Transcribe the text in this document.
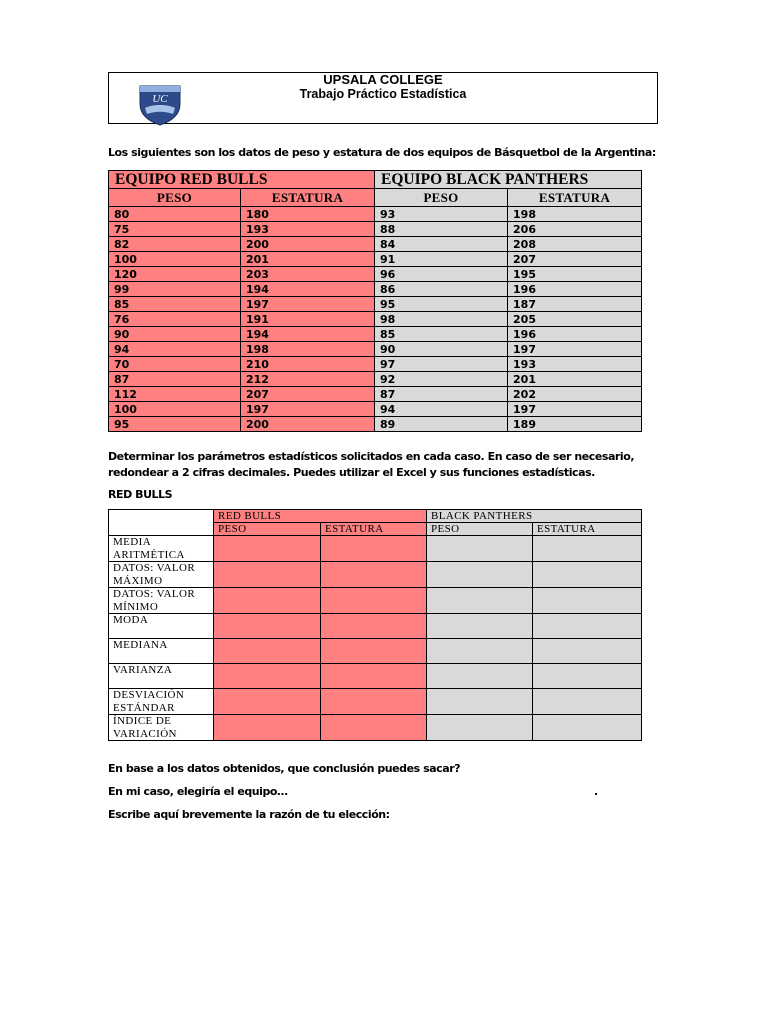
UC
UPSALA COLLEGE
Trabajo Práctico Estadística
Los siguientes son los datos de peso y estatura de dos equipos de Básquetbol de la Argentina:
EQUIPO RED BULLS		EQUIPO BLACK PANTHERS	
PESO	ESTATURA	PESO	ESTATURA
80	180	93	198
75	193	88	206
82	200	84	208
100	201	91	207
120	203	96	195
99	194	86	196
85	197	95	187
76	191	98	205
90	194	85	196
94	198	90	197
70	210	97	193
87	212	92	201
112	207	87	202
100	197	94	197
95	200	89	189
Determinar los parámetros estadísticos solicitados en cada caso. En caso de ser necesario,
redondear a 2 cifras decimales. Puedes utilizar el Excel y sus funciones estadísticas.
RED BULLS
	RED BULLS		BLACK PANTHERS	
	PESO	ESTATURA	PESO	ESTATURA

MEDIA
ARITMÉTICA				

DATOS: VALOR
MÁXIMO				

DATOS: VALOR
MÍNIMO				

MODA				

MEDIANA				

VARIANZA				

DESVIACIÓN
ESTÁNDAR				

ÍNDICE DE
VARIACIÓN				

En base a los datos obtenidos, que conclusión puedes sacar?
En mi caso, elegiría el equipo…	.
Escribe aquí brevemente la razón de tu elección:
